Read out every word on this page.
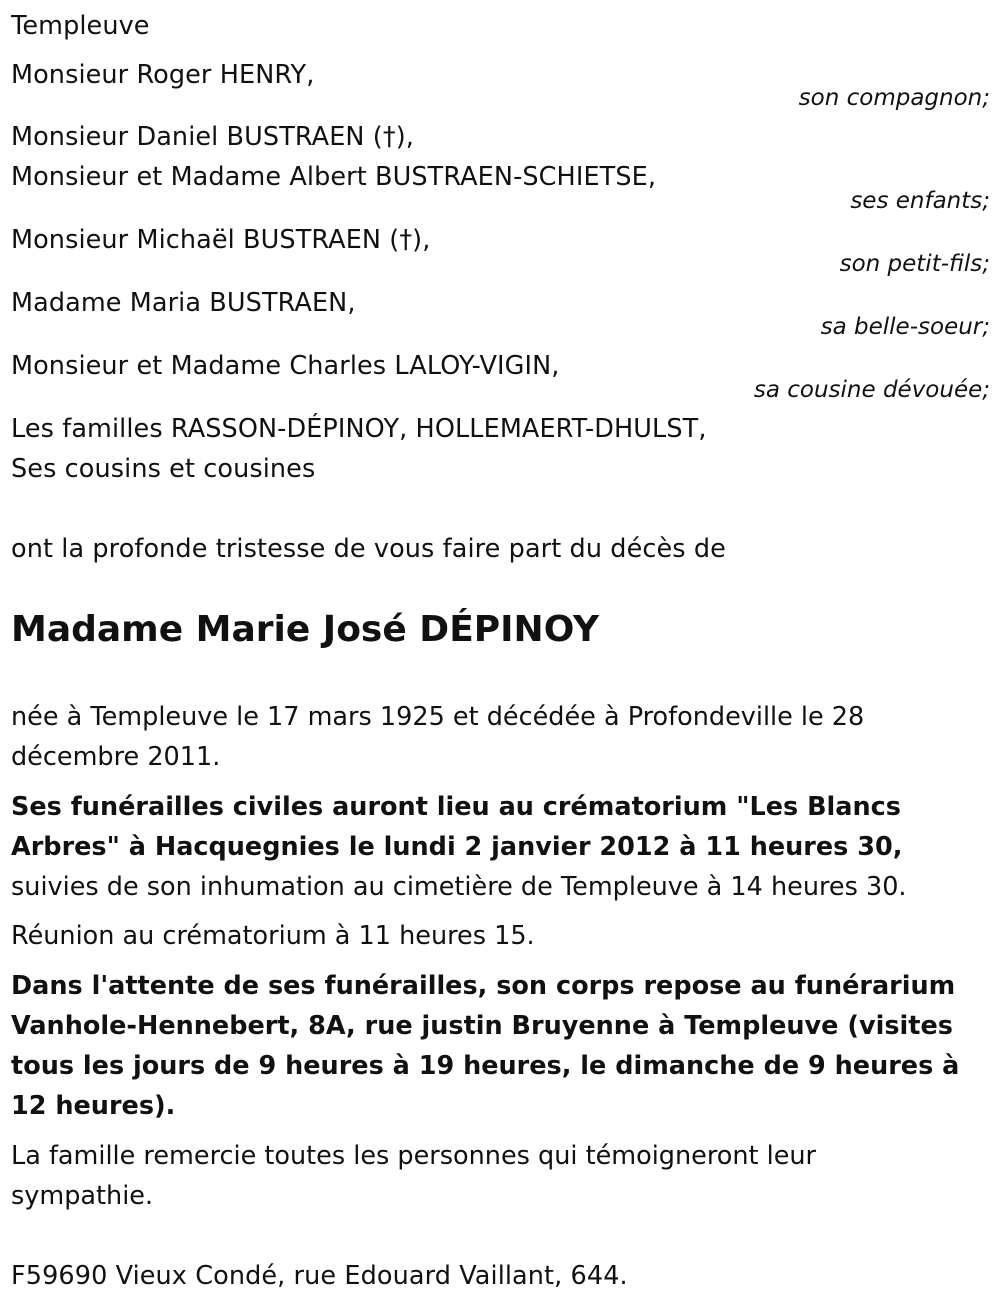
Templeuve
Monsieur Roger HENRY,
son compagnon;
Monsieur Daniel BUSTRAEN (†),
Monsieur et Madame Albert BUSTRAEN-SCHIETSE,
ses enfants;
Monsieur Michaël BUSTRAEN (†),
son petit-fils;
Madame Maria BUSTRAEN,
sa belle-soeur;
Monsieur et Madame Charles LALOY-VIGIN,
sa cousine dévouée;
Les familles RASSON-DÉPINOY, HOLLEMAERT-DHULST,
Ses cousins et cousines
ont la profonde tristesse de vous faire part du décès de
Madame Marie José DÉPINOY
née à Templeuve le 17 mars 1925 et décédée à Profondeville le 28 décembre 2011.
Ses funérailles civiles auront lieu au crématorium "Les Blancs Arbres" à Hacquegnies le lundi 2 janvier 2012 à 11 heures 30, suivies de son inhumation au cimetière de Templeuve à 14 heures 30.
Réunion au crématorium à 11 heures 15.
Dans l'attente de ses funérailles, son corps repose au funérarium Vanhole-Hennebert, 8A, rue justin Bruyenne à Templeuve (visites tous les jours de 9 heures à 19 heures, le dimanche de 9 heures à 12 heures).
La famille remercie toutes les personnes qui témoigneront leur sympathie.
F59690 Vieux Condé, rue Edouard Vaillant, 644.
